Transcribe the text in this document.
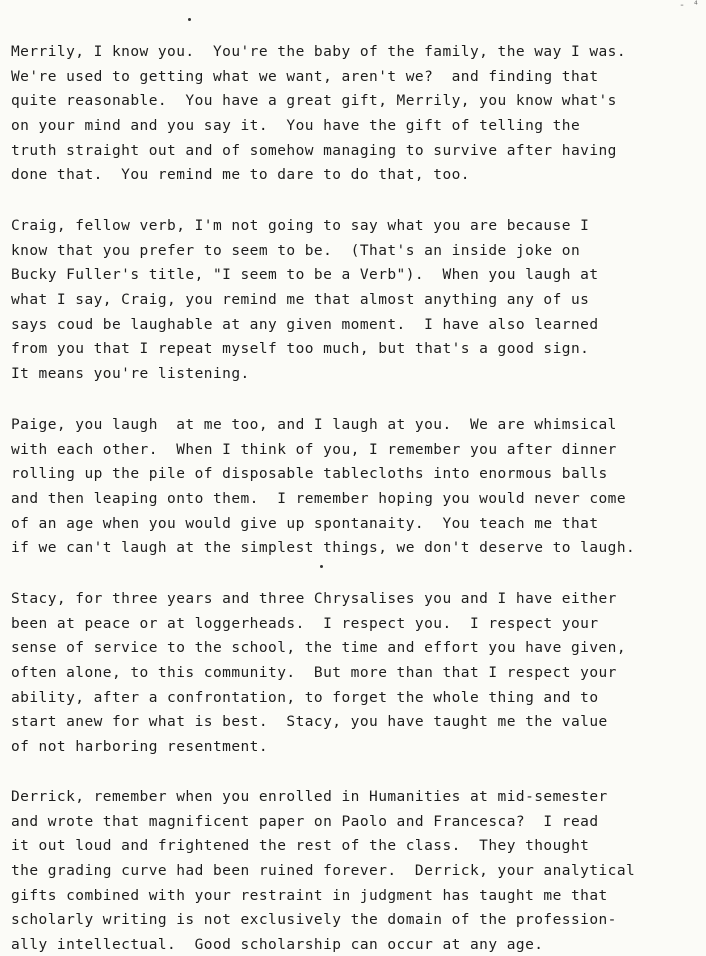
- ⁴
Merrily, I know you.  You're the baby of the family, the way I was.
We're used to getting what we want, aren't we?  and finding that
quite reasonable.  You have a great gift, Merrily, you know what's
on your mind and you say it.  You have the gift of telling the
truth straight out and of somehow managing to survive after having
done that.  You remind me to dare to do that, too.
Craig, fellow verb, I'm not going to say what you are because I
know that you prefer to seem to be.  (That's an inside joke on
Bucky Fuller's title, "I seem to be a Verb").  When you laugh at
what I say, Craig, you remind me that almost anything any of us
says coud be laughable at any given moment.  I have also learned
from you that I repeat myself too much, but that's a good sign.
It means you're listening.
Paige, you laugh  at me too, and I laugh at you.  We are whimsical
with each other.  When I think of you, I remember you after dinner
rolling up the pile of disposable tablecloths into enormous balls
and then leaping onto them.  I remember hoping you would never come
of an age when you would give up spontanaity.  You teach me that
if we can't laugh at the simplest things, we don't deserve to laugh.
Stacy, for three years and three Chrysalises you and I have either
been at peace or at loggerheads.  I respect you.  I respect your
sense of service to the school, the time and effort you have given,
often alone, to this community.  But more than that I respect your
ability, after a confrontation, to forget the whole thing and to
start anew for what is best.  Stacy, you have taught me the value
of not harboring resentment.
Derrick, remember when you enrolled in Humanities at mid-semester
and wrote that magnificent paper on Paolo and Francesca?  I read
it out loud and frightened the rest of the class.  They thought
the grading curve had been ruined forever.  Derrick, your analytical
gifts combined with your restraint in judgment has taught me that
scholarly writing is not exclusively the domain of the profession-
ally intellectual.  Good scholarship can occur at any age.
